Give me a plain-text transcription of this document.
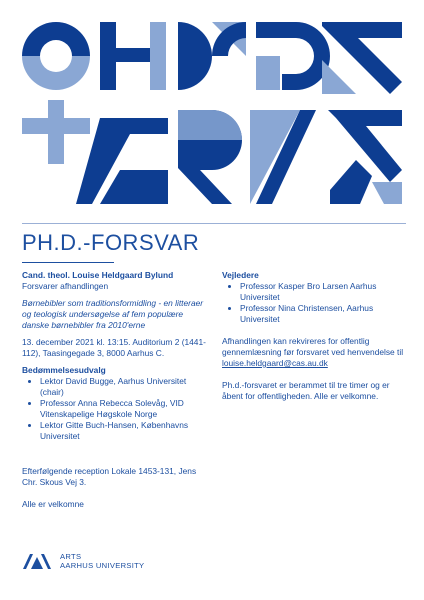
PH.D.-FORSVAR
Cand. theol. Louise Heldgaard Bylund
Forsvarer afhandlingen
Børnebibler som traditionsformidling - en litteraer og teologisk undersøgelse af fem populære danske børnebibler fra 2010'erne
13. december 2021 kl. 13:15. Auditorium 2 (1441-112), Taasingegade 3, 8000 Aarhus C.
Bedømmelsesudvalg
• Lektor David Bugge, Aarhus Universitet (chair)
• Professor Anna Rebecca Solevåg, VID Vitenskapelige Høgskole Norge
• Lektor Gitte Buch-Hansen, Københavns Universitet
Efterfølgende reception Lokale 1453-131, Jens Chr. Skous Vej 3.
Alle er velkomne
Vejledere
• Professor Kasper Bro Larsen Aarhus Universitet
• Professor Nina Christensen, Aarhus Universitet
Afhandlingen kan rekvireres for offentlig gennemlæsning før forsvaret ved henvendelse til louise.heldgaard@cas.au.dk
Ph.d.-forsvaret er berammet til tre timer og er åbent for offentligheden. Alle er velkomne.
ARTS
AARHUS UNIVERSITY
